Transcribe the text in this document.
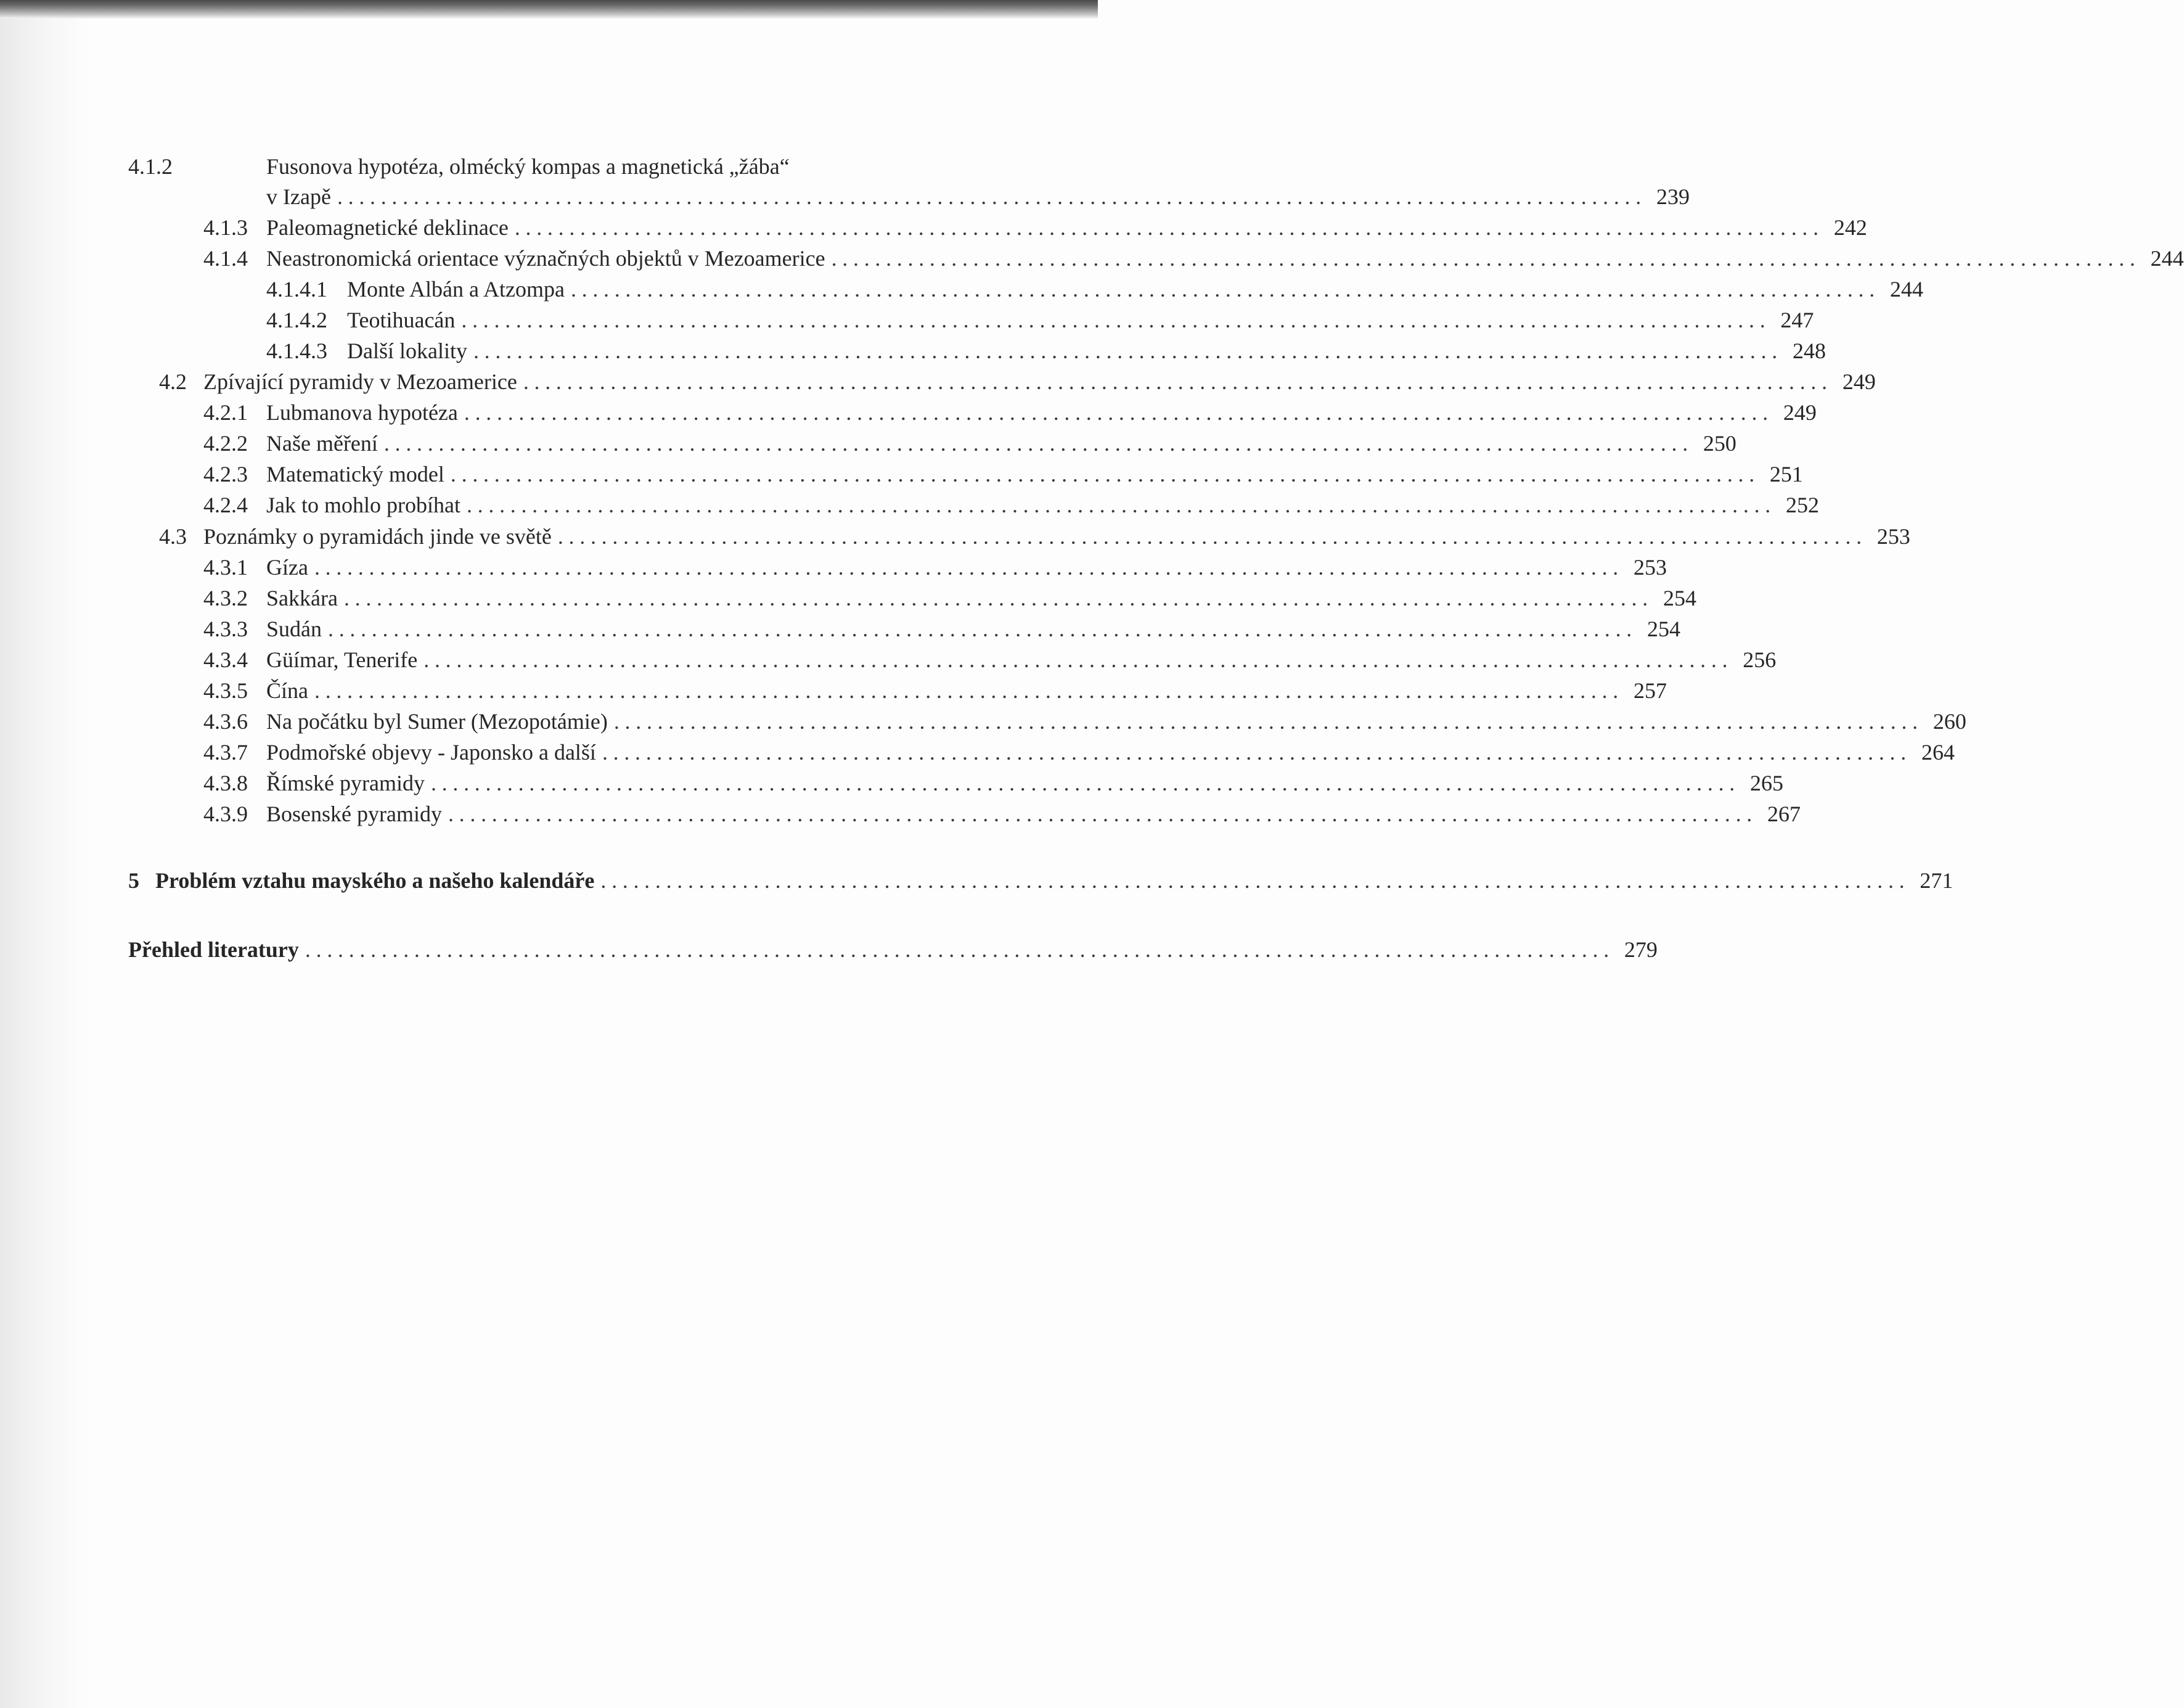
4.1.2	Fusonova hypotéza, olmécký kompas a magnetická „žába“
v Izapě ........................................................................................................................ 239
4.1.3 Paleomagnetické deklinace ........................................................................................................................ 242
4.1.4 Neastronomická orientace význačných objektů v Mezoamerice ........................................................................................................................ 244
4.1.4.1 Monte Albán a Atzompa ........................................................................................................................ 244
4.1.4.2 Teotihuacán ........................................................................................................................ 247
4.1.4.3 Další lokality ........................................................................................................................ 248
4.2 Zpívající pyramidy v Mezoamerice ........................................................................................................................ 249
4.2.1 Lubmanova hypotéza ........................................................................................................................ 249
4.2.2 Naše měření ........................................................................................................................ 250
4.2.3 Matematický model ........................................................................................................................ 251
4.2.4 Jak to mohlo probíhat ........................................................................................................................ 252
4.3 Poznámky o pyramidách jinde ve světě ........................................................................................................................ 253
4.3.1 Gíza ........................................................................................................................ 253
4.3.2 Sakkára ........................................................................................................................ 254
4.3.3 Sudán ........................................................................................................................ 254
4.3.4 Güímar, Tenerife ........................................................................................................................ 256
4.3.5 Čína ........................................................................................................................ 257
4.3.6 Na počátku byl Sumer (Mezopotámie) ........................................................................................................................ 260
4.3.7 Podmořské objevy - Japonsko a další ........................................................................................................................ 264
4.3.8 Římské pyramidy ........................................................................................................................ 265
4.3.9 Bosenské pyramidy ........................................................................................................................ 267
5 Problém vztahu mayského a našeho kalendáře ........................................................................................................................ 271
Přehled literatury ........................................................................................................................ 279
